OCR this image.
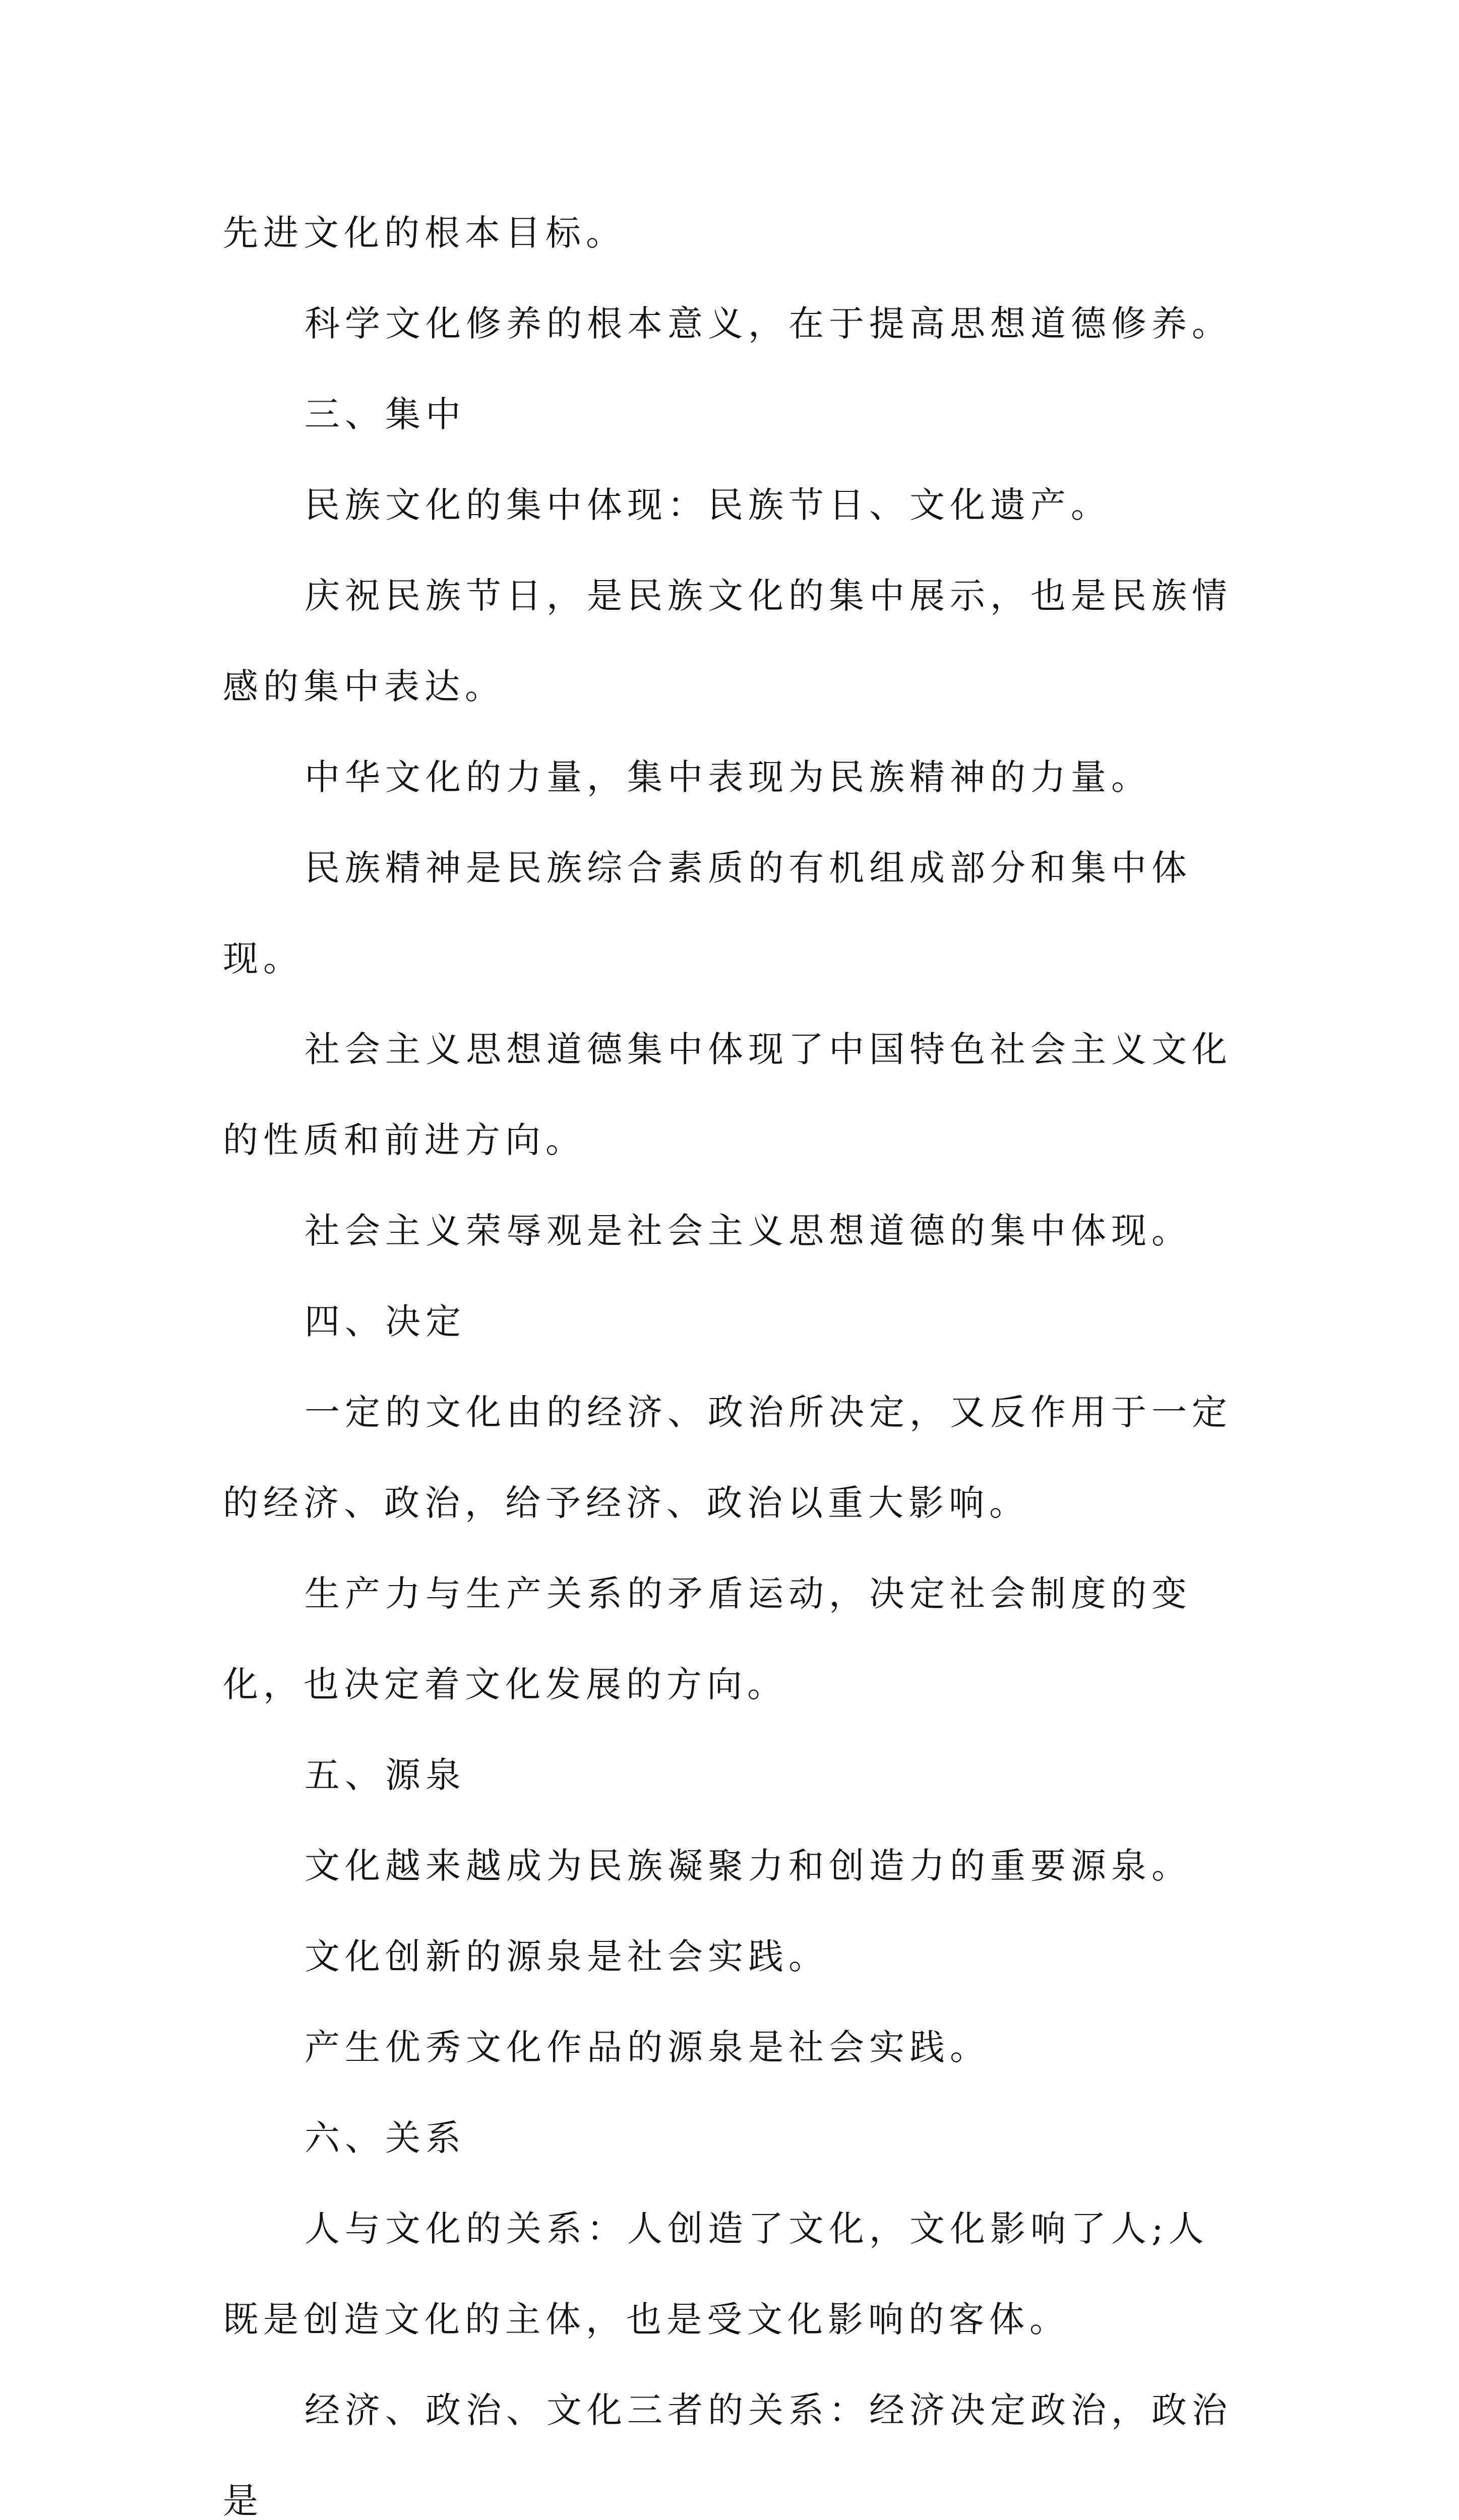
先进文化的根本目标。

科学文化修养的根本意义，在于提高思想道德修养。

三、集中

民族文化的集中体现：民族节日、文化遗产。

庆祝民族节日，是民族文化的集中展示，也是民族情感的集中表达。

中华文化的力量，集中表现为民族精神的力量。

民族精神是民族综合素质的有机组成部分和集中体现。

社会主义思想道德集中体现了中国特色社会主义文化的性质和前进方向。

社会主义荣辱观是社会主义思想道德的集中体现。

四、决定

一定的文化由的经济、政治所决定，又反作用于一定的经济、政治，给予经济、政治以重大影响。

生产力与生产关系的矛盾运动，决定社会制度的变化，也决定着文化发展的方向。

五、源泉

文化越来越成为民族凝聚力和创造力的重要源泉。

文化创新的源泉是社会实践。

产生优秀文化作品的源泉是社会实践。

六、关系

人与文化的关系：人创造了文化，文化影响了人;人既是创造文化的主体，也是受文化影响的客体。

经济、政治、文化三者的关系：经济决定政治，政治是
